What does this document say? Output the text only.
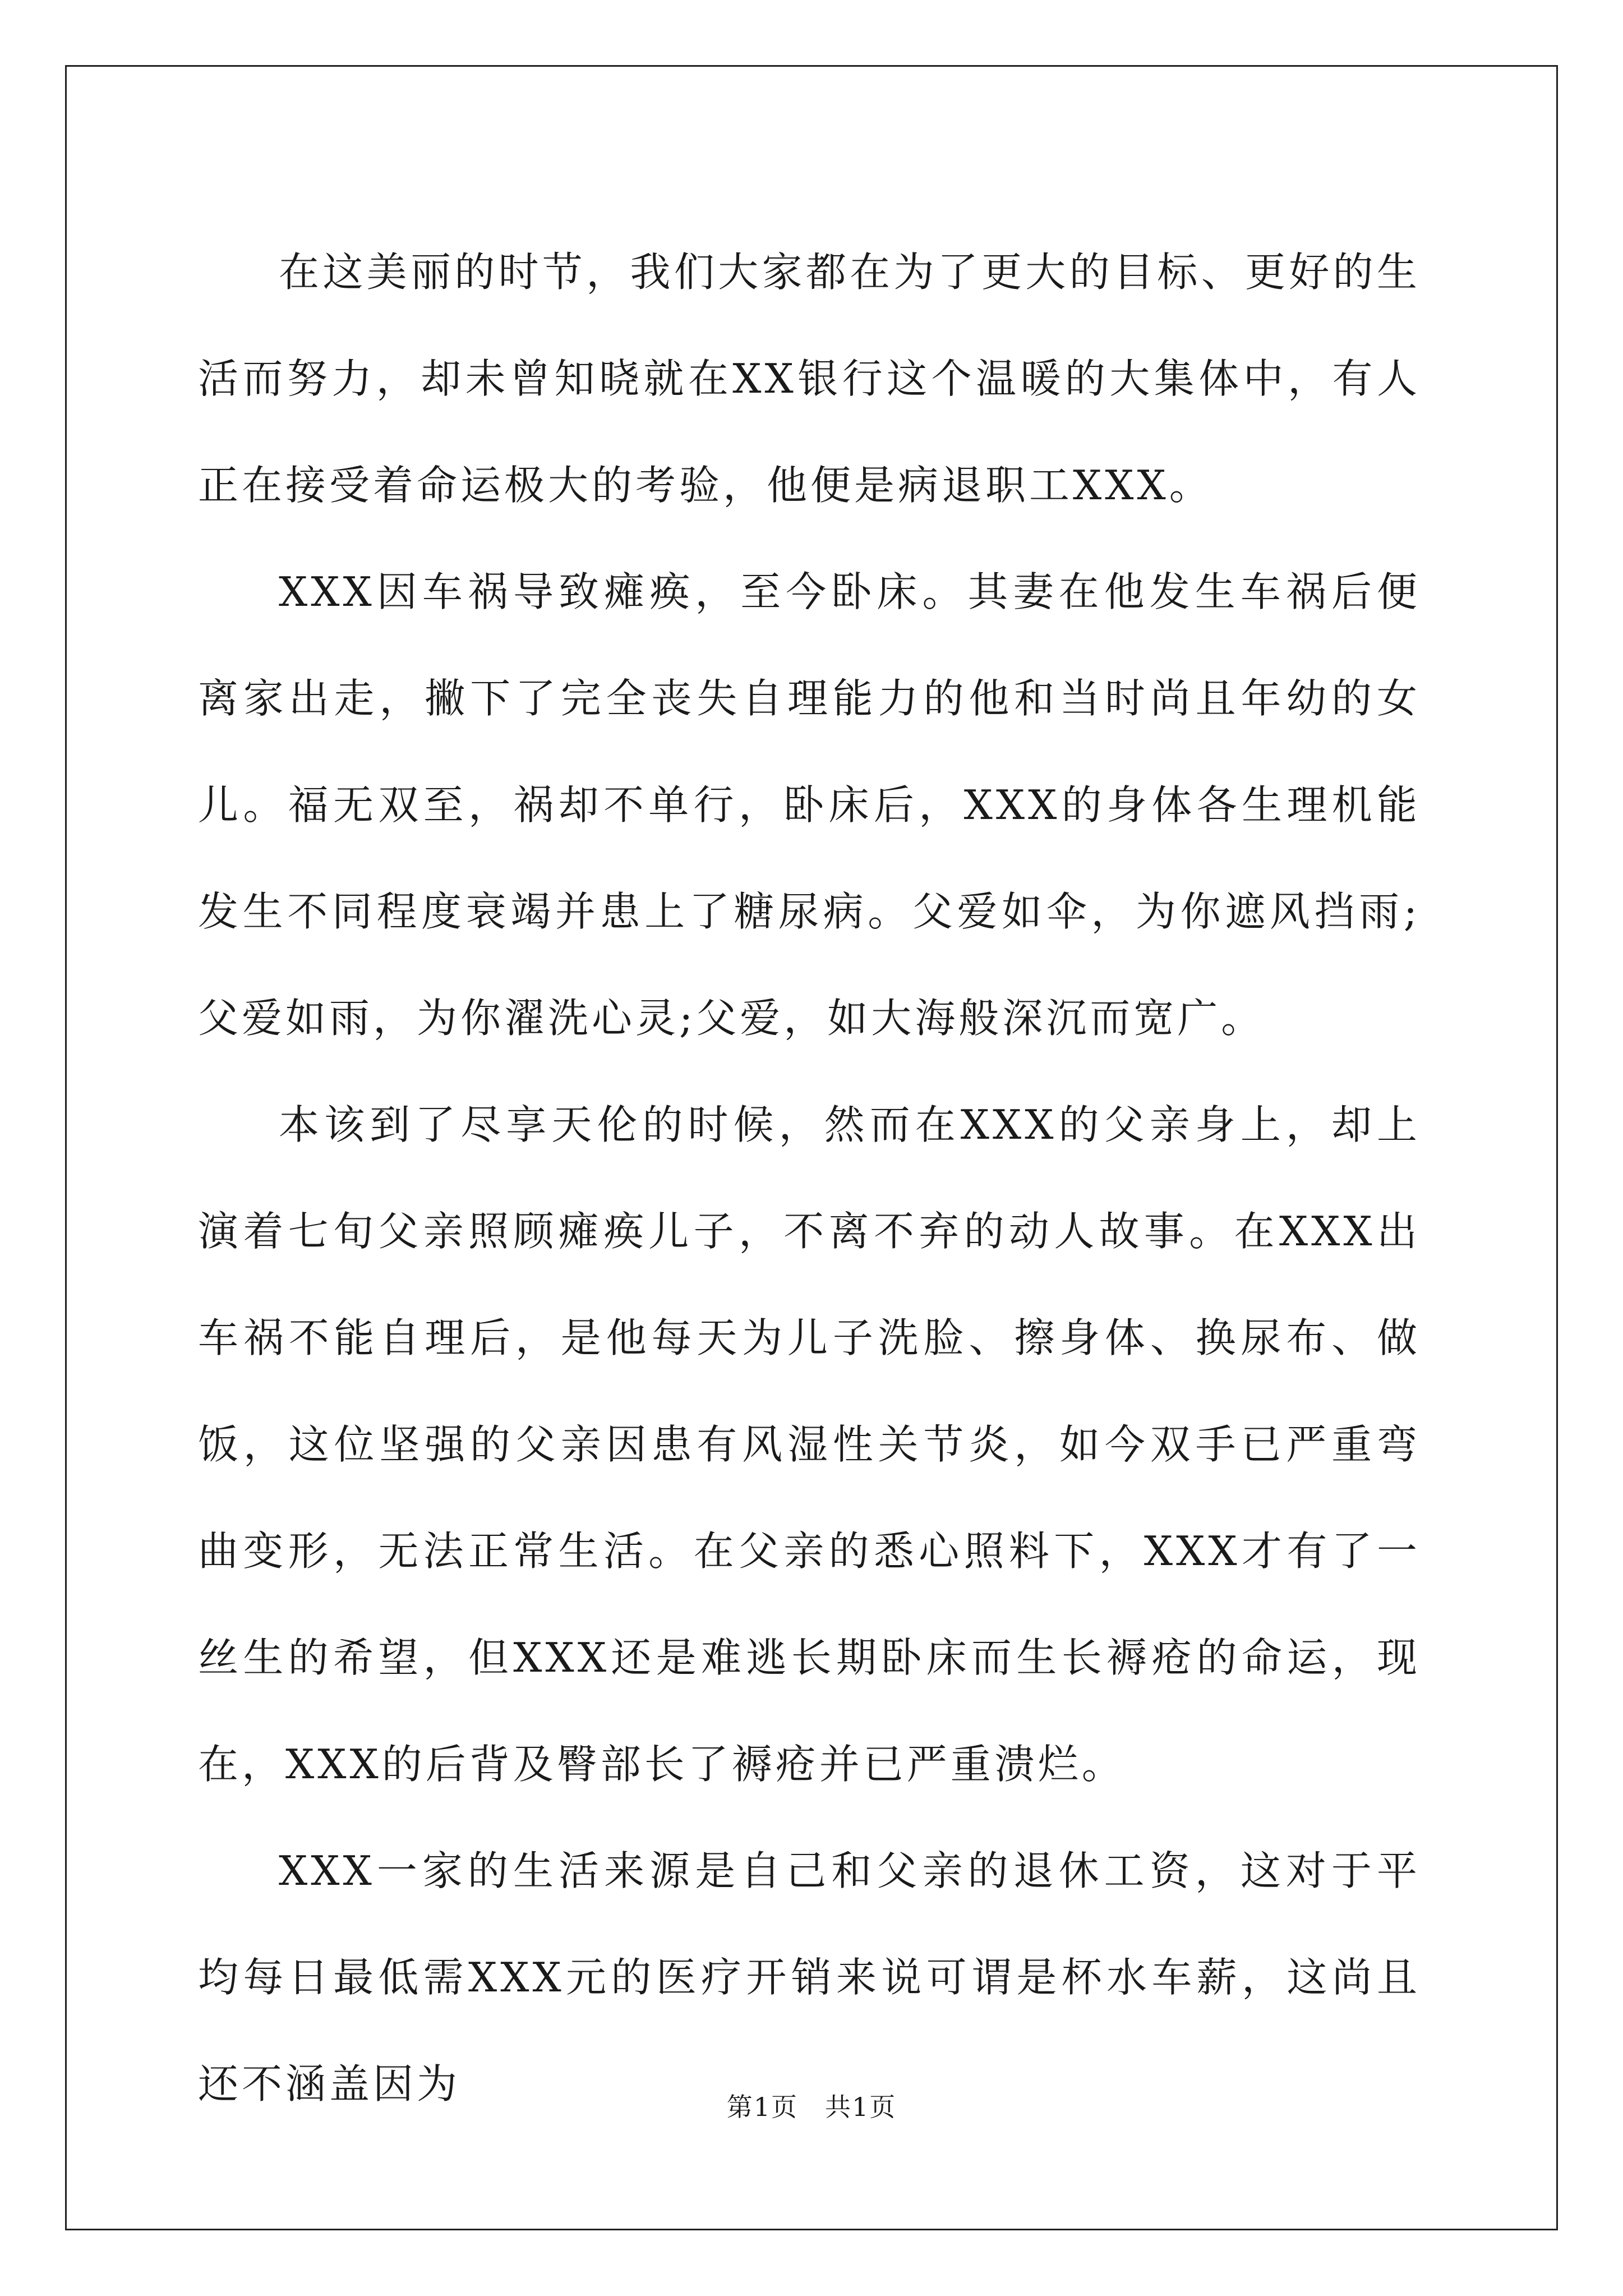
在这美丽的时节，我们大家都在为了更大的目标、更好的生活而努力，却未曾知晓就在XX银行这个温暖的大集体中，有人正在接受着命运极大的考验，他便是病退职工XXX。

XXX因车祸导致瘫痪，至今卧床。其妻在他发生车祸后便离家出走，撇下了完全丧失自理能力的他和当时尚且年幼的女儿。福无双至，祸却不单行，卧床后，XXX的身体各生理机能发生不同程度衰竭并患上了糖尿病。父爱如伞，为你遮风挡雨;父爱如雨，为你濯洗心灵;父爱，如大海般深沉而宽广。

本该到了尽享天伦的时候，然而在XXX的父亲身上，却上演着七旬父亲照顾瘫痪儿子，不离不弃的动人故事。在XXX出车祸不能自理后，是他每天为儿子洗脸、擦身体、换尿布、做饭，这位坚强的父亲因患有风湿性关节炎，如今双手已严重弯曲变形，无法正常生活。在父亲的悉心照料下，XXX才有了一丝生的希望，但XXX还是难逃长期卧床而生长褥疮的命运，现在，XXX的后背及臀部长了褥疮并已严重溃烂。

XXX一家的生活来源是自己和父亲的退休工资，这对于平均每日最低需XXX元的医疗开销来说可谓是杯水车薪，这尚且还不涵盖因为	第1页　共1页
